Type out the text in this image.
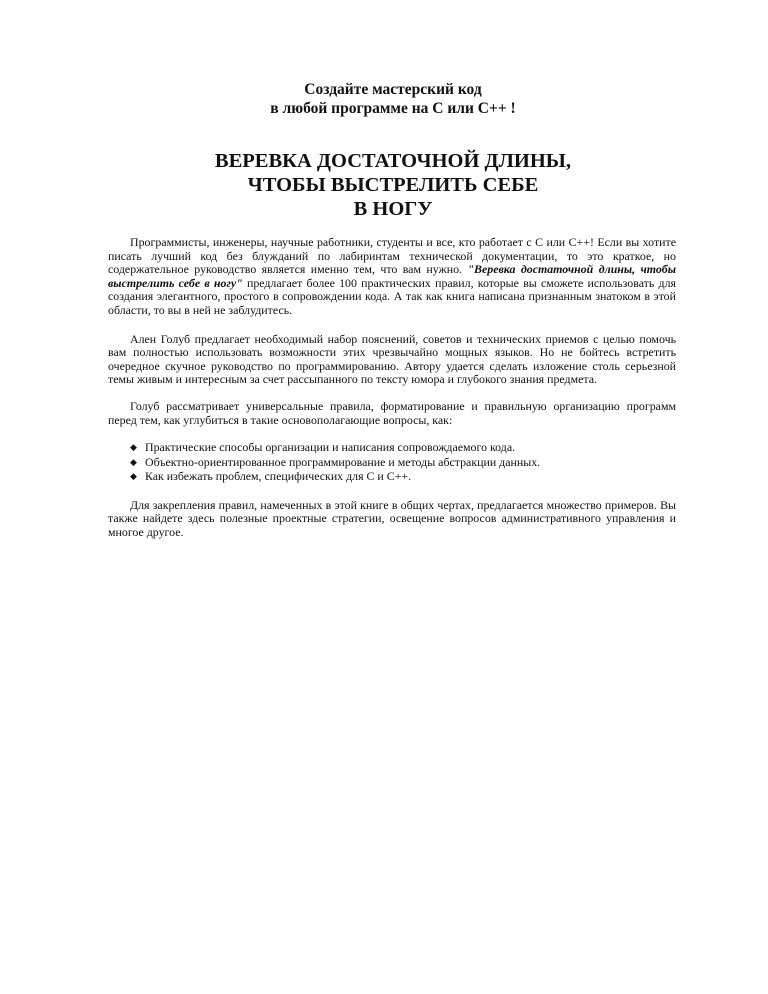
Создайте мастерский код
в любой программе на С или С++ !
ВЕРЕВКА ДОСТАТОЧНОЙ ДЛИНЫ,
ЧТОБЫ ВЫСТРЕЛИТЬ СЕБЕ
В НОГУ

Программисты, инженеры, научные работники, студенты и все, кто работает с С или С++! Если вы хотите писать лучший код без блужданий по лабиринтам технической документации, то это краткое, но содержательное руководство является именно тем, что вам нужно. "Веревка достаточной длины, чтобы выстрелить себе в ногу" предлагает более 100 практических правил, которые вы сможете использовать для создания элегантного, простого в сопровождении кода. А так как книга написана признанным знатоком в этой области, то вы в ней не заблудитесь.

Ален Голуб предлагает необходимый набор пояснений, советов и технических приемов с целью помочь вам полностью использовать возможности этих чрезвычайно мощных языков. Но не бойтесь встретить очередное скучное руководство по программированию. Автору удается сделать изложение столь серьезной темы живым и интересным за счет рассыпанного по тексту юмора и глубокого знания предмета.

Голуб рассматривает универсальные правила, форматирование и правильную организацию программ перед тем, как углубиться в такие основополагающие вопросы, как:

◆ Практические способы организации и написания сопровождаемого кода.
◆ Объектно-ориентированное программирование и методы абстракции данных.
◆ Как избежать проблем, специфических для С и С++.

Для закрепления правил, намеченных в этой книге в общих чертах, предлагается множество примеров. Вы также найдете здесь полезные проектные стратегии, освещение вопросов административного управления и многое другое.
